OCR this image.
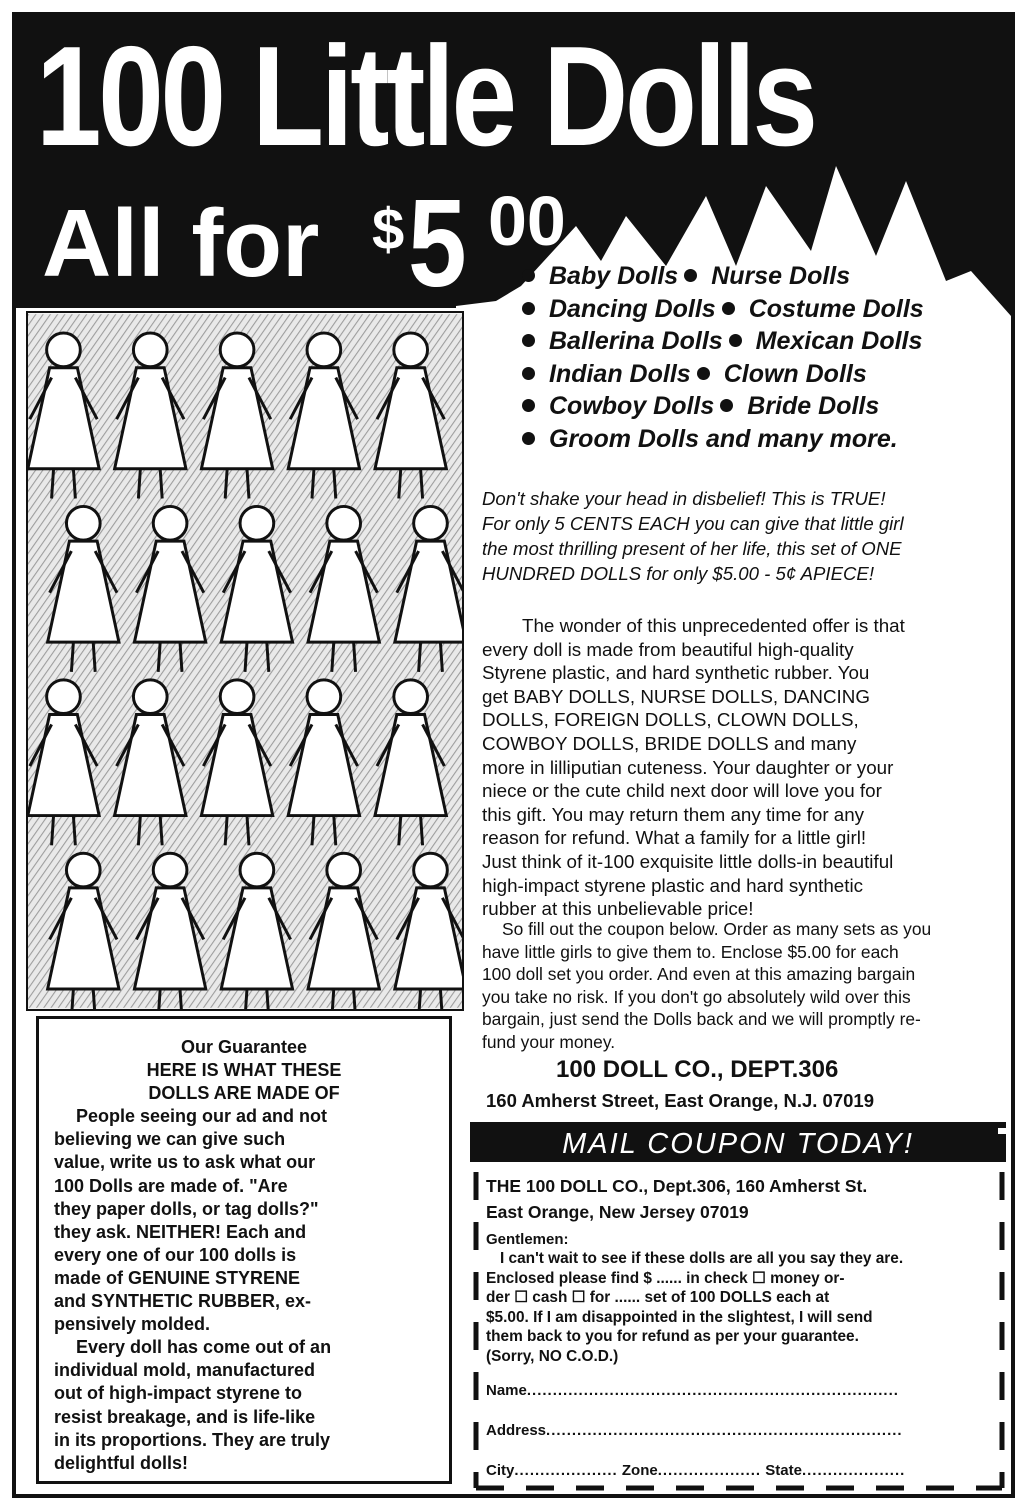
100 Little Dolls
All for $ 5 00
Baby Dolls Nurse Dolls
Dancing Dolls Costume Dolls
Ballerina Dolls Mexican Dolls
Indian Dolls Clown Dolls
Cowboy Dolls Bride Dolls
Groom Dolls and many more.
Don't shake your head in disbelief! This is TRUE!
For only 5 CENTS EACH you can give that little girl
the most thrilling present of her life, this set of ONE
HUNDRED DOLLS for only $5.00 - 5¢ APIECE!
The wonder of this unprecedented offer is that
every doll is made from beautiful high-quality
Styrene plastic, and hard synthetic rubber. You
get BABY DOLLS, NURSE DOLLS, DANCING
DOLLS, FOREIGN DOLLS, CLOWN DOLLS,
COWBOY DOLLS, BRIDE DOLLS and many
more in lilliputian cuteness. Your daughter or your
niece or the cute child next door will love you for
this gift. You may return them any time for any
reason for refund. What a family for a little girl!
Just think of it-100 exquisite little dolls-in beautiful
high-impact styrene plastic and hard synthetic
rubber at this unbelievable price!
So fill out the coupon below. Order as many sets as you
have little girls to give them to. Enclose $5.00 for each
100 doll set you order. And even at this amazing bargain
you take no risk. If you don't go absolutely wild over this
bargain, just send the Dolls back and we will promptly re-
fund your money.
100 DOLL CO., DEPT.306
160 Amherst Street, East Orange, N.J. 07019
Our Guarantee
HERE IS WHAT THESE
DOLLS ARE MADE OF
People seeing our ad and not
believing we can give such
value, write us to ask what our
100 Dolls are made of. "Are
they paper dolls, or tag dolls?"
they ask. NEITHER! Each and
every one of our 100 dolls is
made of GENUINE STYRENE
and SYNTHETIC RUBBER, ex-
pensively molded.
Every doll has come out of an
individual mold, manufactured
out of high-impact styrene to
resist breakage, and is life-like
in its proportions. They are truly
delightful dolls!
MAIL COUPON TODAY!
THE 100 DOLL CO., Dept.306, 160 Amherst St.
East Orange, New Jersey 07019
Gentlemen:
I can't wait to see if these dolls are all you say they are.
Enclosed please find $ ...... in check ☐ money or-
der ☐ cash ☐ for ...... set of 100 DOLLS each at
$5.00. If I am disappointed in the slightest, I will send
them back to you for refund as per your guarantee.
(Sorry, NO C.O.D.)
Name........................................................................
Address.....................................................................
City.................... Zone.................... State....................
